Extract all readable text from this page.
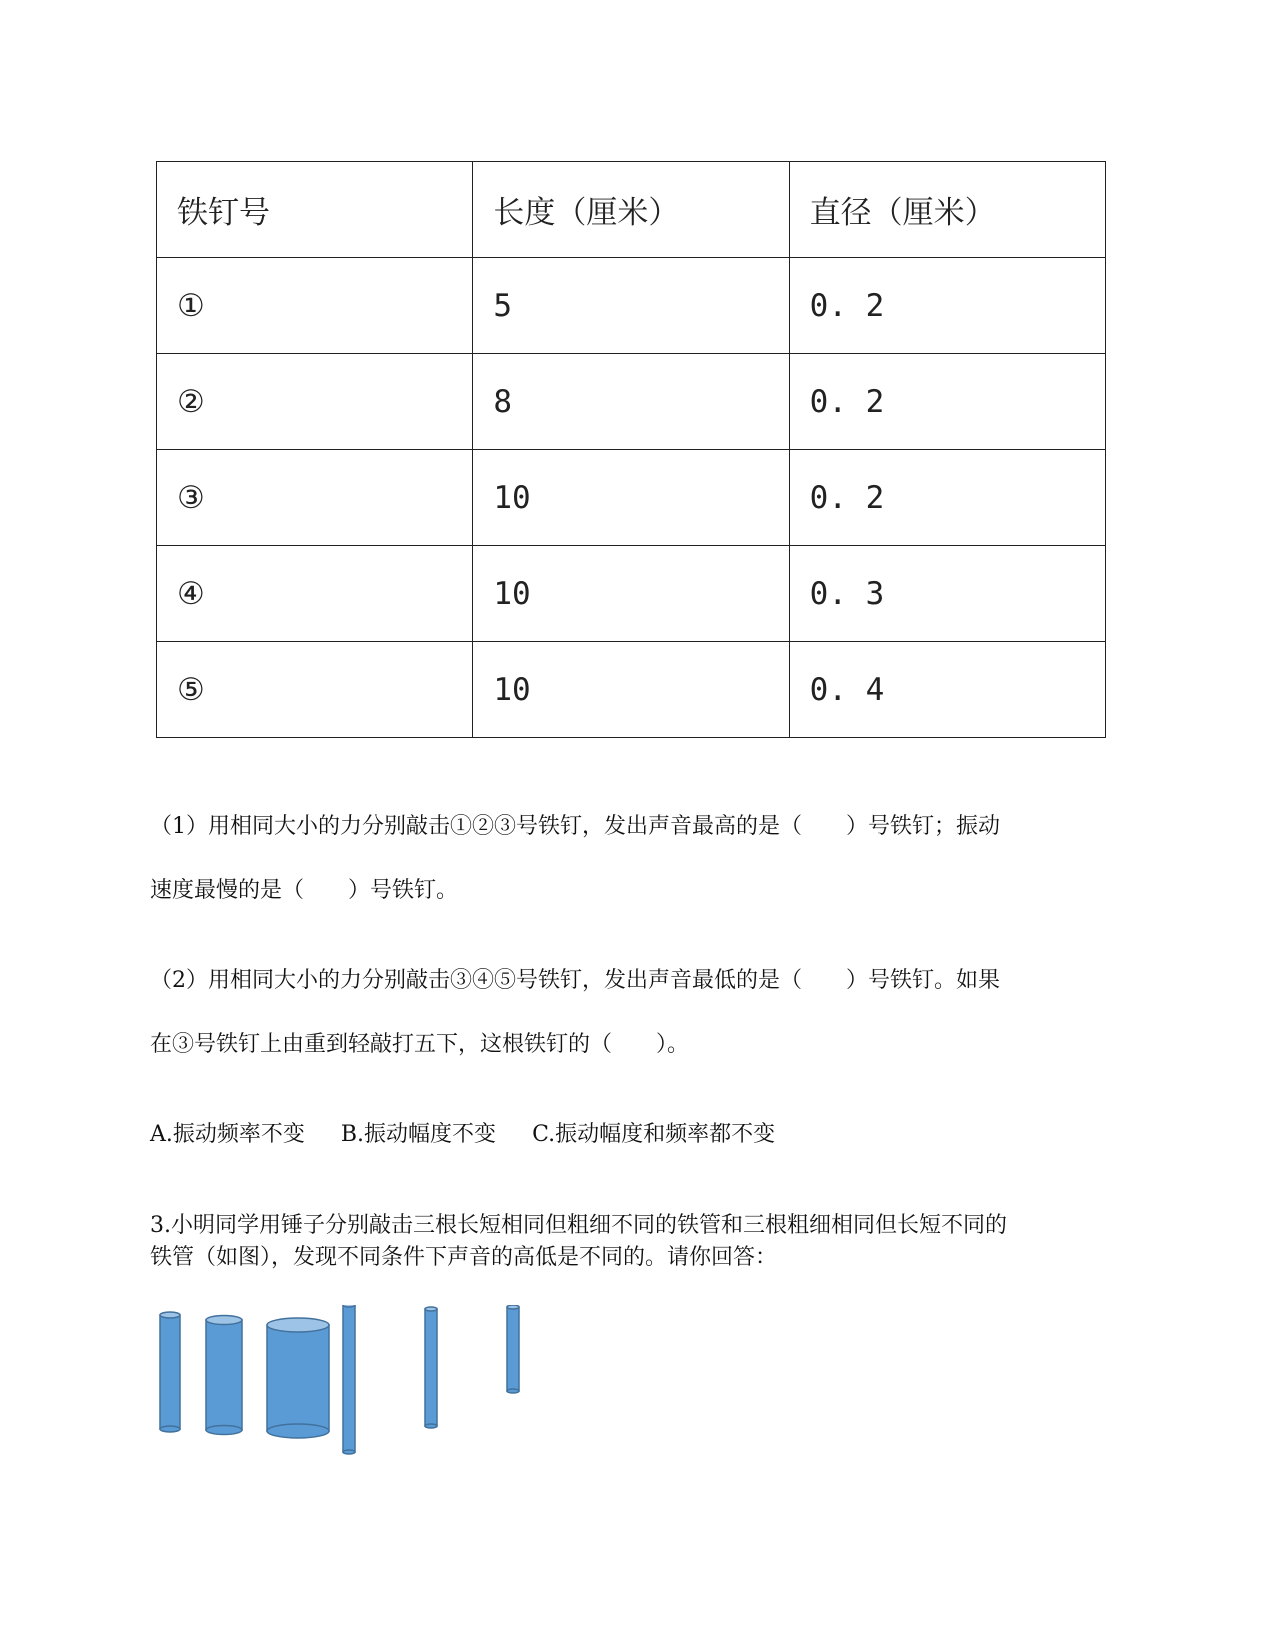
铁钉号	长度（厘米）	直径（厘米）
①	5	0. 2
②	8	0. 2
③	10	0. 2
④	10	0. 3
⑤	10	0. 4
（1）用相同大小的力分别敲击①②③号铁钉，发出声音最高的是（　　）号铁钉；振动
速度最慢的是（　　）号铁钉。
（2）用相同大小的力分别敲击③④⑤号铁钉，发出声音最低的是（　　）号铁钉。如果
在③号铁钉上由重到轻敲打五下，这根铁钉的（　　）。
A.振动频率不变 B.振动幅度不变 C.振动幅度和频率都不变
3.小明同学用锤子分别敲击三根长短相同但粗细不同的铁管和三根粗细相同但长短不同的
铁管（如图），发现不同条件下声音的高低是不同的。请你回答：
